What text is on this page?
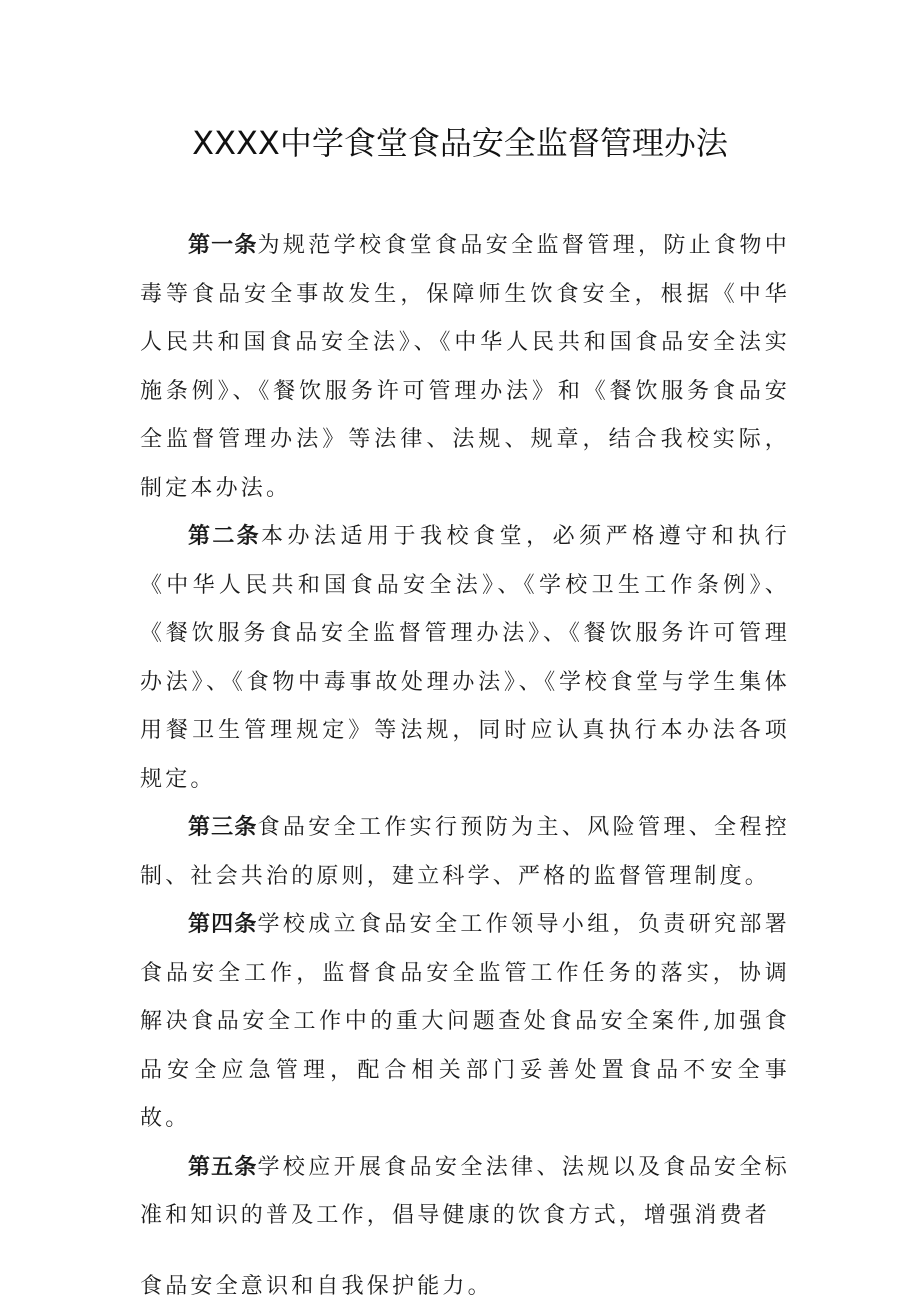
XXXX中学食堂食品安全监督管理办法

第一条为规范学校食堂食品安全监督管理，防止食物中毒等食品安全事故发生，保障师生饮食安全，根据《中华人民共和国食品安全法》、《中华人民共和国食品安全法实施条例》、《餐饮服务许可管理办法》和《餐饮服务食品安全监督管理办法》等法律、法规、规章，结合我校实际，制定本办法。

第二条本办法适用于我校食堂，必须严格遵守和执行《中华人民共和国食品安全法》、《学校卫生工作条例》、《餐饮服务食品安全监督管理办法》、《餐饮服务许可管理办法》、《食物中毒事故处理办法》、《学校食堂与学生集体用餐卫生管理规定》等法规，同时应认真执行本办法各项规定。

第三条食品安全工作实行预防为主、风险管理、全程控制、社会共治的原则，建立科学、严格的监督管理制度。

第四条学校成立食品安全工作领导小组，负责研究部署食品安全工作，监督食品安全监管工作任务的落实，协调解决食品安全工作中的重大问题查处食品安全案件,加强食品安全应急管理，配合相关部门妥善处置食品不安全事故。

第五条学校应开展食品安全法律、法规以及食品安全标准和知识的普及工作，倡导健康的饮食方式，增强消费者

食品安全意识和自我保护能力。
